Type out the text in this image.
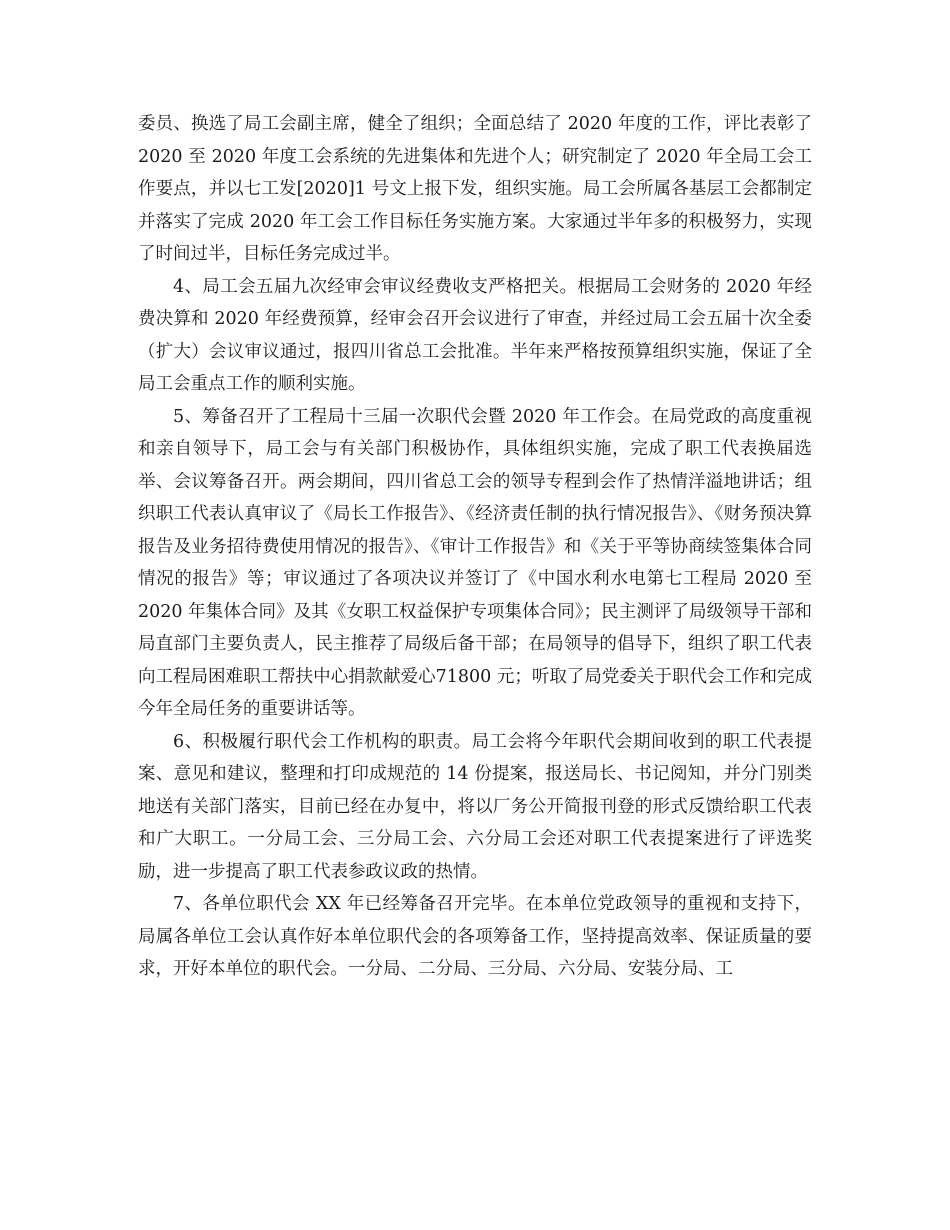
委员、换选了局工会副主席，健全了组织；全面总结了 2020 年度的工作，评比表彰了 2020 至 2020 年度工会系统的先进集体和先进个人；研究制定了 2020 年全局工会工作要点，并以七工发[2020]1 号文上报下发，组织实施。局工会所属各基层工会都制定并落实了完成 2020 年工会工作目标任务实施方案。大家通过半年多的积极努力，实现了时间过半，目标任务完成过半。

4、局工会五届九次经审会审议经费收支严格把关。根据局工会财务的 2020 年经费决算和 2020 年经费预算，经审会召开会议进行了审查，并经过局工会五届十次全委（扩大）会议审议通过，报四川省总工会批准。半年来严格按预算组织实施，保证了全局工会重点工作的顺利实施。

5、筹备召开了工程局十三届一次职代会暨 2020 年工作会。在局党政的高度重视和亲自领导下，局工会与有关部门积极协作，具体组织实施，完成了职工代表换届选举、会议筹备召开。两会期间，四川省总工会的领导专程到会作了热情洋溢地讲话；组织职工代表认真审议了《局长工作报告》、《经济责任制的执行情况报告》、《财务预决算报告及业务招待费使用情况的报告》、《审计工作报告》和《关于平等协商续签集体合同情况的报告》等；审议通过了各项决议并签订了《中国水利水电第七工程局 2020 至 2020 年集体合同》及其《女职工权益保护专项集体合同》；民主测评了局级领导干部和局直部门主要负责人，民主推荐了局级后备干部；在局领导的倡导下，组织了职工代表向工程局困难职工帮扶中心捐款献爱心71800 元；听取了局党委关于职代会工作和完成今年全局任务的重要讲话等。

6、积极履行职代会工作机构的职责。局工会将今年职代会期间收到的职工代表提案、意见和建议，整理和打印成规范的 14 份提案，报送局长、书记阅知，并分门别类地送有关部门落实，目前已经在办复中，将以厂务公开简报刊登的形式反馈给职工代表和广大职工。一分局工会、三分局工会、六分局工会还对职工代表提案进行了评选奖励，进一步提高了职工代表参政议政的热情。

7、各单位职代会 XX 年已经筹备召开完毕。在本单位党政领导的重视和支持下，局属各单位工会认真作好本单位职代会的各项筹备工作，坚持提高效率、保证质量的要求，开好本单位的职代会。一分局、二分局、三分局、六分局、安装分局、工
